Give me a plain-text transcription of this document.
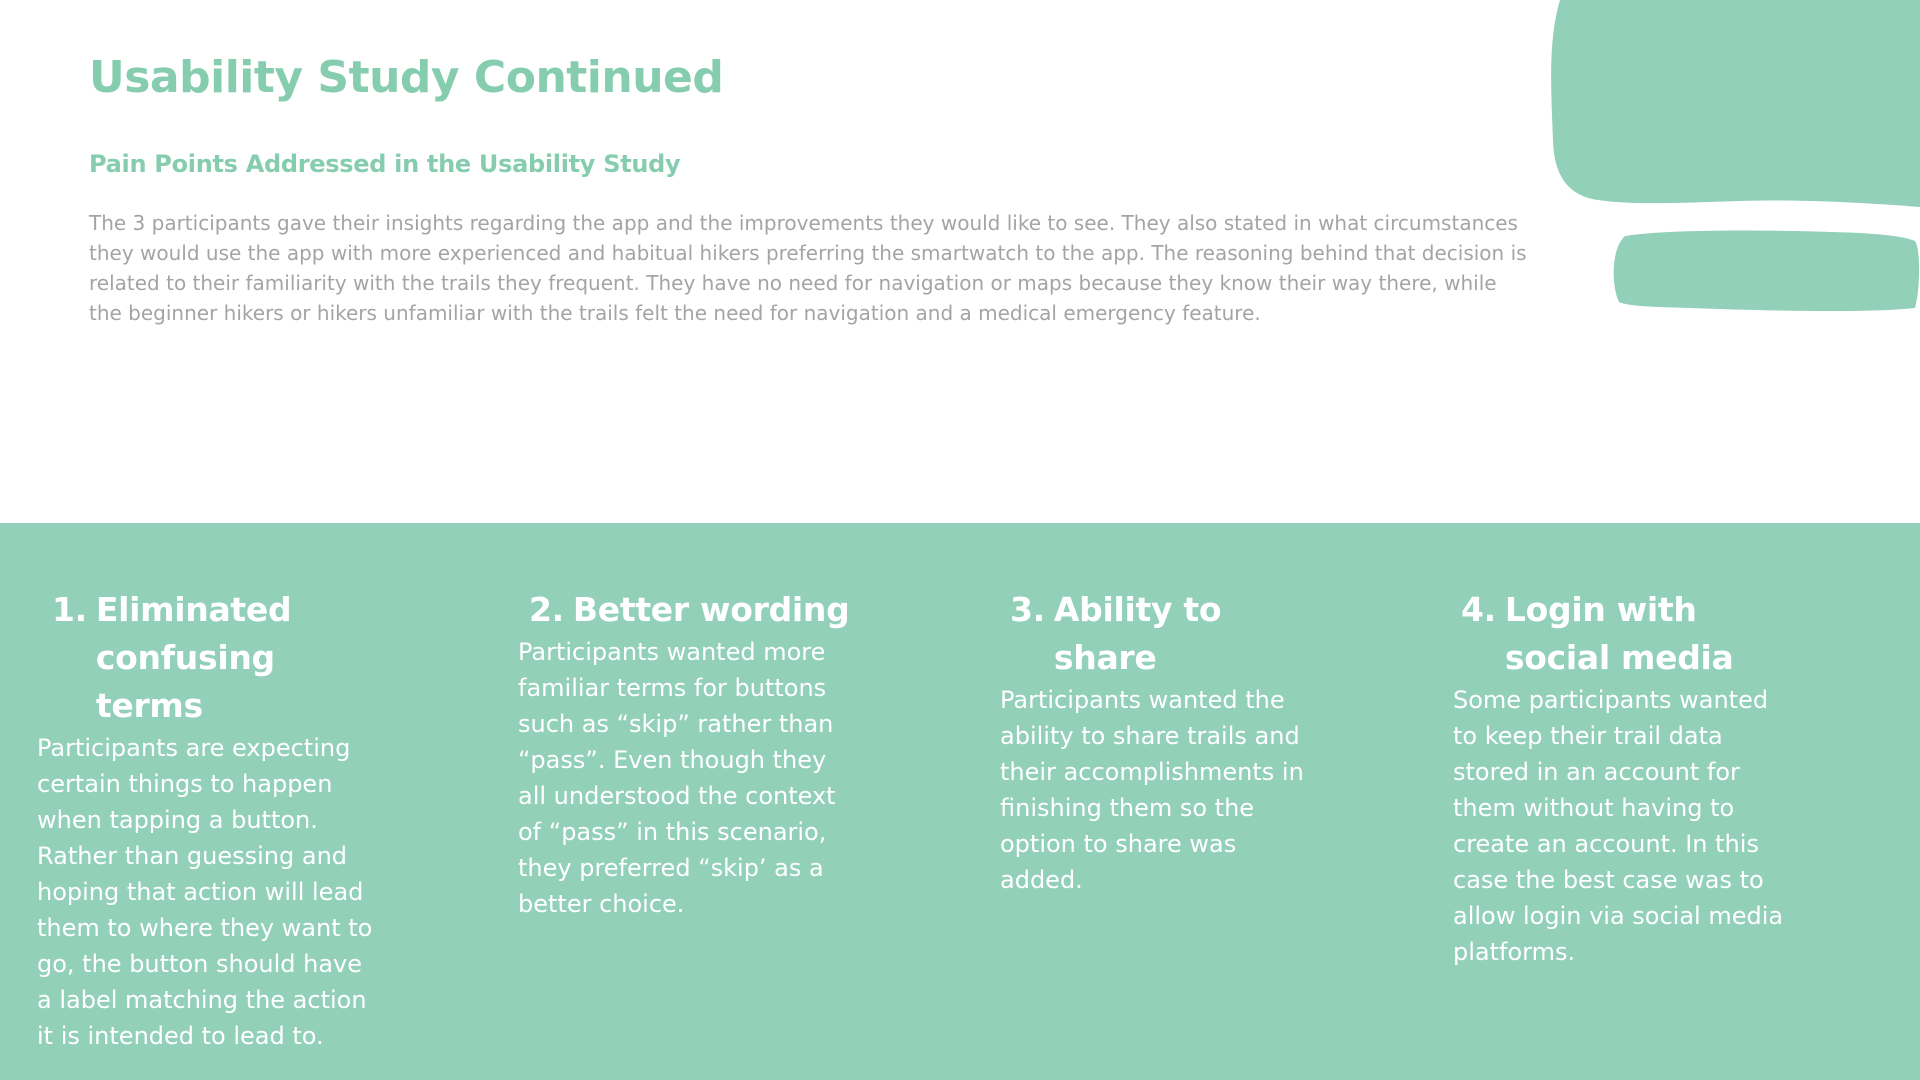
Usability Study Continued
Pain Points Addressed in the Usability Study

The 3 participants gave their insights regarding the app and the improvements they would like to see. They also stated in what circumstances they would use the app with more experienced and habitual hikers preferring the smartwatch to the app. The reasoning behind that decision is related to their familiarity with the trails they frequent. They have no need for navigation or maps because they know their way there, while the beginner hikers or hikers unfamiliar with the trails felt the need for navigation and a medical emergency feature.

1. Eliminated confusing terms

Participants are expecting certain things to happen when tapping a button. Rather than guessing and hoping that action will lead them to where they want to go, the button should have a label matching the action it is intended to lead to.

2. Better wording

Participants wanted more familiar terms for buttons such as “skip” rather than “pass”. Even though they all understood the context of “pass” in this scenario, they preferred “skip’ as a better choice.

3. Ability to share

Participants wanted the ability to share trails and their accomplishments in finishing them so the option to share was added.

4. Login with social media

Some participants wanted to keep their trail data stored in an account for them without having to create an account. In this case the best case was to allow login via social media platforms.
